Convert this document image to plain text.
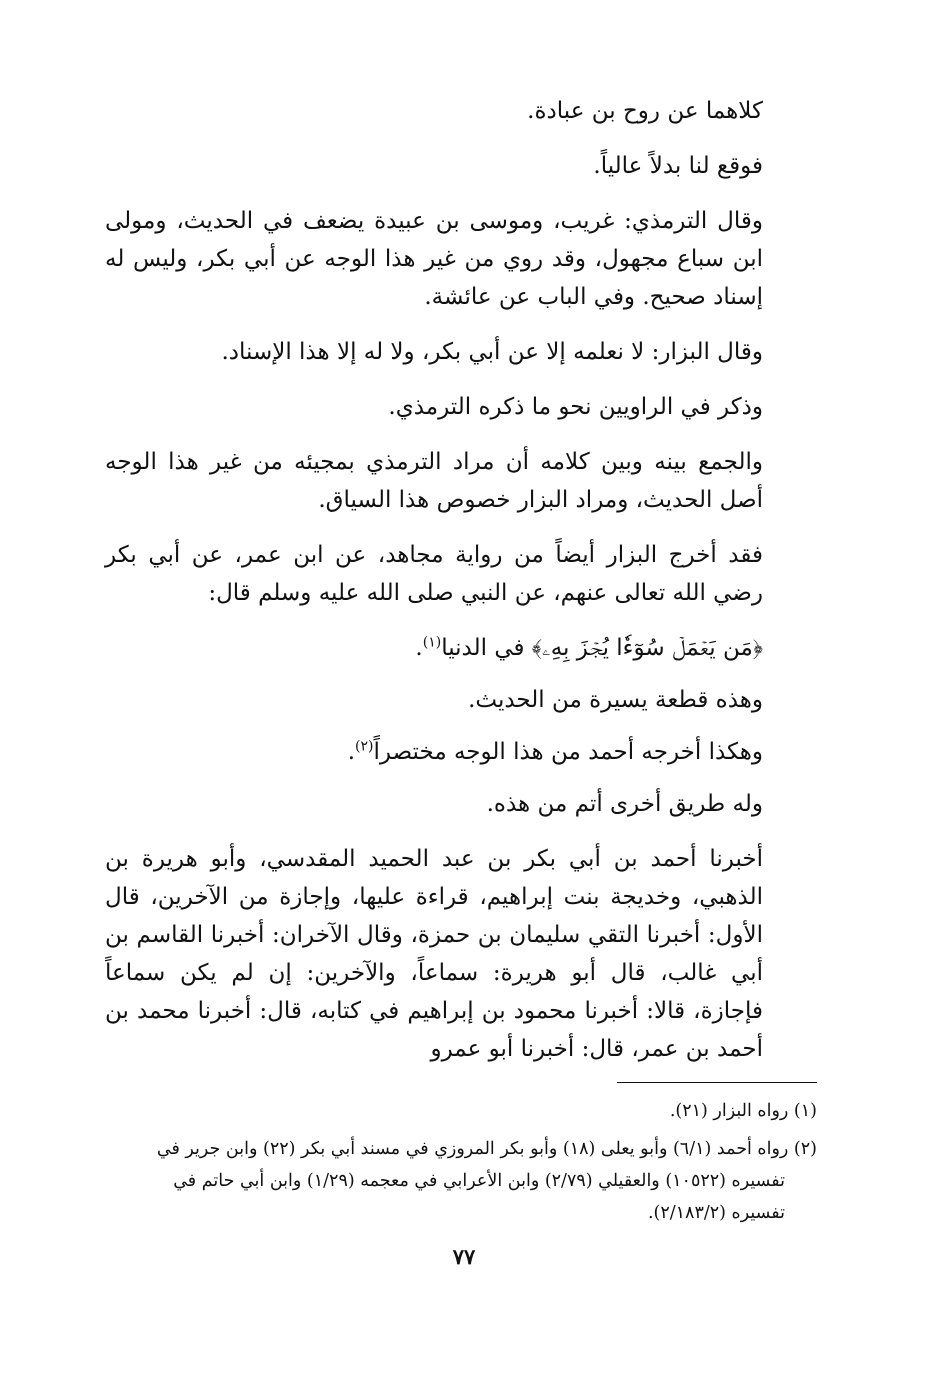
كلاهما عن روح بن عبادة.

فوقع لنا بدلاً عالياً.

وقال الترمذي: غريب، وموسى بن عبيدة يضعف في الحديث، ومولى ابن سباع مجهول، وقد روي من غير هذا الوجه عن أبي بكر، وليس له إسناد صحيح. وفي الباب عن عائشة.

وقال البزار: لا نعلمه إلا عن أبي بكر، ولا له إلا هذا الإسناد.

وذكر في الراويين نحو ما ذكره الترمذي.

والجمع بينه وبين كلامه أن مراد الترمذي بمجيئه من غير هذا الوجه أصل الحديث، ومراد البزار خصوص هذا السياق.

فقد أخرج البزار أيضاً من رواية مجاهد، عن ابن عمر، عن أبي بكر رضي الله تعالى عنهم، عن النبي صلى الله عليه وسلم قال:

﴿مَن يَعۡمَلۡ سُوٓءٗا يُجۡزَ بِهِۦ﴾ في الدنيا$^{(١)}$.

وهذه قطعة يسيرة من الحديث.

وهكذا أخرجه أحمد من هذا الوجه مختصراً$^{(٢)}$.

وله طريق أخرى أتم من هذه.

أخبرنا أحمد بن أبي بكر بن عبد الحميد المقدسي، وأبو هريرة بن الذهبي، وخديجة بنت إبراهيم، قراءة عليها، وإجازة من الآخرين، قال الأول: أخبرنا التقي سليمان بن حمزة، وقال الآخران: أخبرنا القاسم بن أبي غالب، قال أبو هريرة: سماعاً، والآخرين: إن لم يكن سماعاً فإجازة، قالا: أخبرنا محمود بن إبراهيم في كتابه، قال: أخبرنا محمد بن أحمد بن عمر، قال: أخبرنا أبو عمرو

(١) رواه البزار (٢١).

(٢) رواه أحمد (٦/١) وأبو يعلى (١٨) وأبو بكر المروزي في مسند أبي بكر (٢٢) وابن جرير في
تفسيره (١٠٥٢٢) والعقيلي (٢/٧٩) وابن الأعرابي في معجمه (١/٢٩) وابن أبي حاتم في
تفسيره (٢/١٨٣/٢).

٧٧
